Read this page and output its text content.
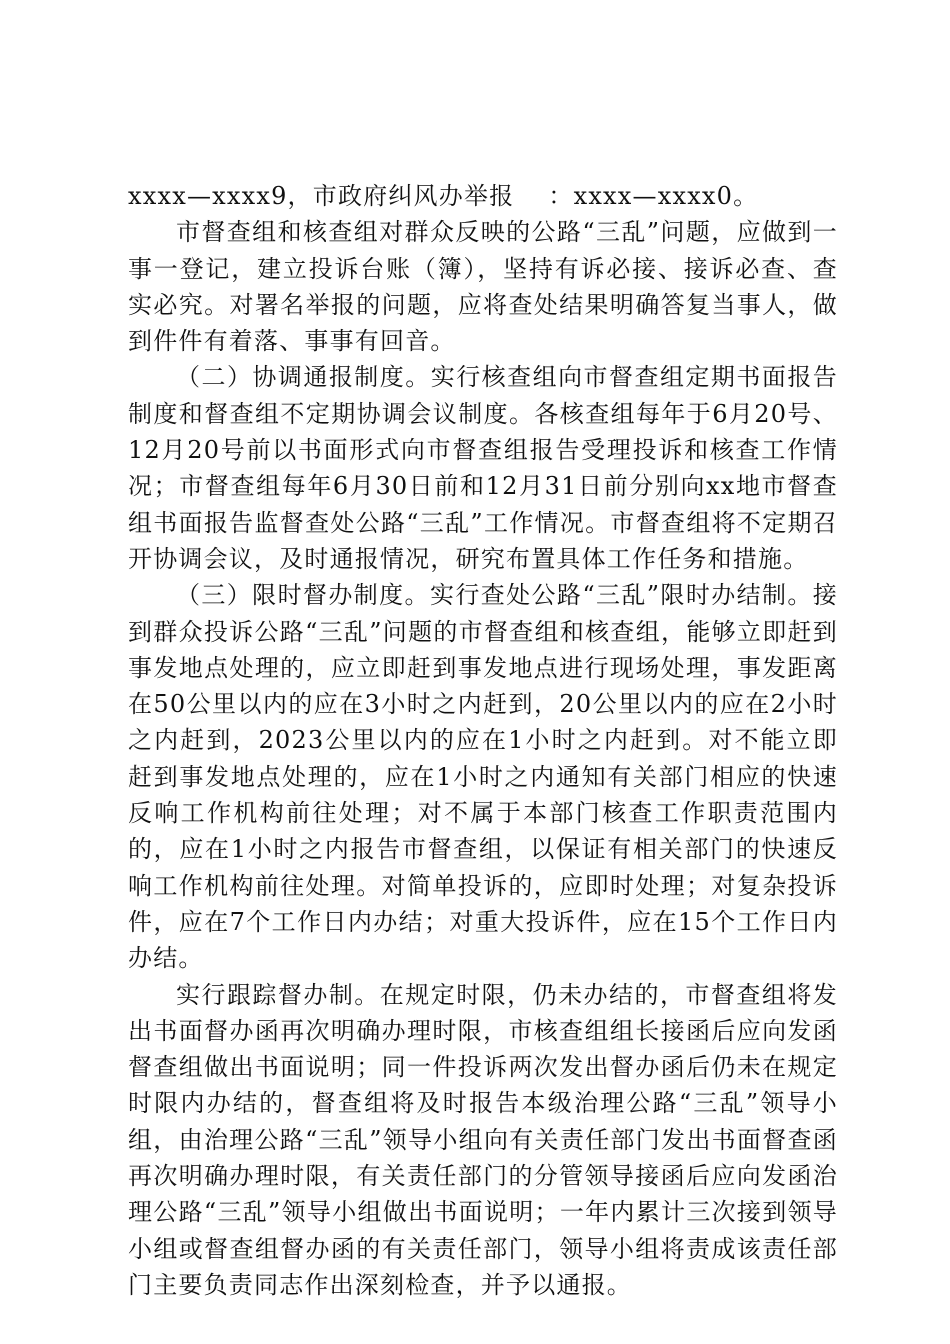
xxxx—xxxx9，市政府纠风办举报　 ：xxxx—xxxx0。

市督查组和核查组对群众反映的公路“三乱”问题，应做到一事一登记，建立投诉台账（簿），坚持有诉必接、接诉必查、查实必究。对署名举报的问题，应将查处结果明确答复当事人，做到件件有着落、事事有回音。

（二）协调通报制度。实行核查组向市督查组定期书面报告制度和督查组不定期协调会议制度。各核查组每年于6月20号、12月20号前以书面形式向市督查组报告受理投诉和核查工作情况；市督查组每年6月30日前和12月31日前分别向xx地市督查组书面报告监督查处公路“三乱”工作情况。市督查组将不定期召开协调会议，及时通报情况，研究布置具体工作任务和措施。

（三）限时督办制度。实行查处公路“三乱”限时办结制。接到群众投诉公路“三乱”问题的市督查组和核查组，能够立即赶到事发地点处理的，应立即赶到事发地点进行现场处理，事发距离在50公里以内的应在3小时之内赶到，20公里以内的应在2小时之内赶到，2023公里以内的应在1小时之内赶到。对不能立即赶到事发地点处理的，应在1小时之内通知有关部门相应的快速反响工作机构前往处理；对不属于本部门核查工作职责范围内的，应在1小时之内报告市督查组，以保证有相关部门的快速反响工作机构前往处理。对简单投诉的，应即时处理；对复杂投诉件，应在7个工作日内办结；对重大投诉件，应在15个工作日内办结。

实行跟踪督办制。在规定时限，仍未办结的，市督查组将发出书面督办函再次明确办理时限，市核查组组长接函后应向发函督查组做出书面说明；同一件投诉两次发出督办函后仍未在规定时限内办结的，督查组将及时报告本级治理公路“三乱”领导小组，由治理公路“三乱”领导小组向有关责任部门发出书面督查函再次明确办理时限，有关责任部门的分管领导接函后应向发函治理公路“三乱”领导小组做出书面说明；一年内累计三次接到领导小组或督查组督办函的有关责任部门，领导小组将责成该责任部门主要负责同志作出深刻检查，并予以通报。
